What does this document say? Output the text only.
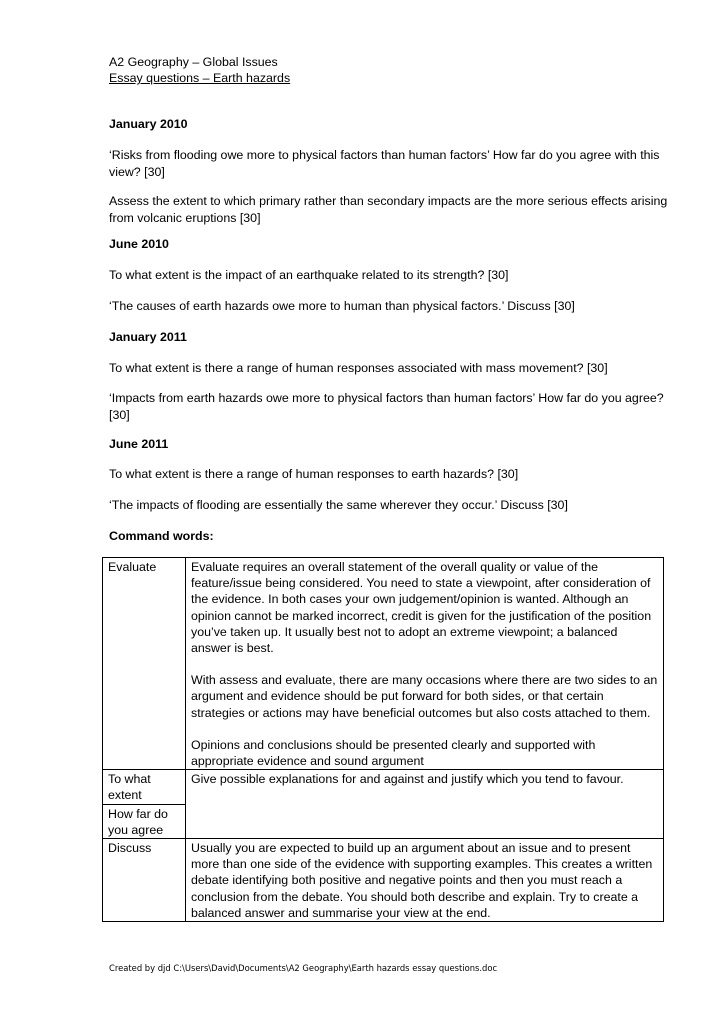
A2 Geography – Global Issues
Essay questions – Earth hazards
January 2010
‘Risks from flooding owe more to physical factors than human factors’ How far do you agree with this view? [30]
Assess the extent to which primary rather than secondary impacts are the more serious effects arising from volcanic eruptions [30]
June 2010
To what extent is the impact of an earthquake related to its strength? [30]
‘The causes of earth hazards owe more to human than physical factors.’ Discuss [30]
January 2011
To what extent is there a range of human responses associated with mass movement? [30]
‘Impacts from earth hazards owe more to physical factors than human factors’ How far do you agree? [30]
June 2011
To what extent is there a range of human responses to earth hazards? [30]
‘The impacts of flooding are essentially the same wherever they occur.’ Discuss [30]
Command words:
Evaluate	Evaluate requires an overall statement of the overall quality or value of the feature/issue being considered. You need to state a viewpoint, after consideration of the evidence. In both cases your own judgement/opinion is wanted. Although an opinion cannot be marked incorrect, credit is given for the justification of the position you’ve taken up. It usually best not to adopt an extreme viewpoint; a balanced answer is best.

With assess and evaluate, there are many occasions where there are two sides to an argument and evidence should be put forward for both sides, or that certain strategies or actions may have beneficial outcomes but also costs attached to them.

Opinions and conclusions should be presented clearly and supported with appropriate evidence and sound argument

To what extent	Give possible explanations for and against and justify which you tend to favour.

How far do you agree	
Discuss	Usually you are expected to build up an argument about an issue and to present more than one side of the evidence with supporting examples. This creates a written debate identifying both positive and negative points and then you must reach a conclusion from the debate. You should both describe and explain. Try to create a balanced answer and summarise your view at the end.

Created by djd C:\Users\David\Documents\A2 Geography\Earth hazards essay questions.doc
